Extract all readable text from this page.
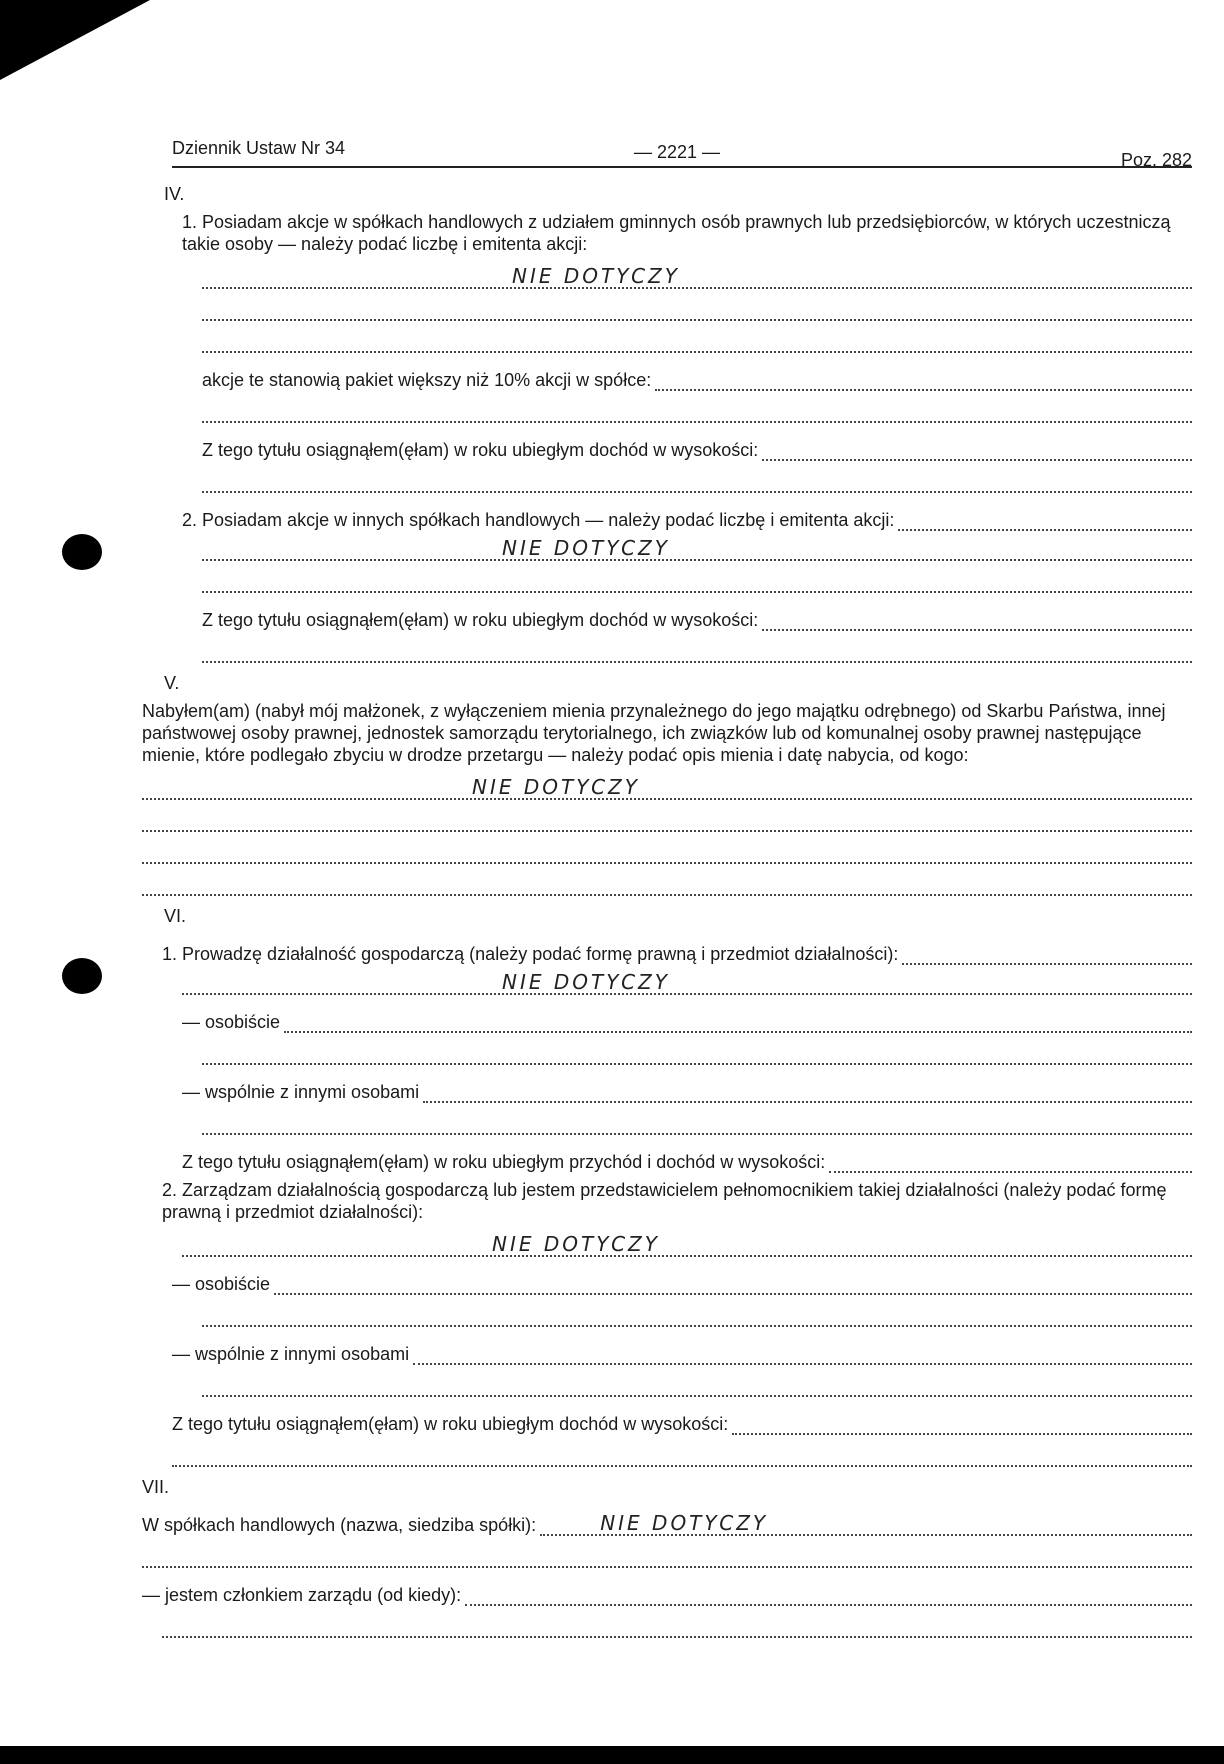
Dziennik Ustaw Nr 34	— 2221 —	Poz. 282
IV.
1. Posiadam akcje w spółkach handlowych z udziałem gminnych osób prawnych lub przedsiębiorców, w których uczestniczą takie osoby — należy podać liczbę i emitenta akcji:
NIE DOTYCZY
akcje te stanowią pakiet większy niż 10% akcji w spółce:
Z tego tytułu osiągnąłem(ęłam) w roku ubiegłym dochód w wysokości:
2. Posiadam akcje w innych spółkach handlowych — należy podać liczbę i emitenta akcji:
NIE DOTYCZY
Z tego tytułu osiągnąłem(ęłam) w roku ubiegłym dochód w wysokości:
V.
Nabyłem(am) (nabył mój małżonek, z wyłączeniem mienia przynależnego do jego majątku odrębnego) od Skarbu Państwa, innej państwowej osoby prawnej, jednostek samorządu terytorialnego, ich związków lub od komunalnej osoby prawnej następujące mienie, które podlegało zbyciu w drodze przetargu — należy podać opis mienia i datę nabycia, od kogo:
NIE DOTYCZY
VI.
1. Prowadzę działalność gospodarczą (należy podać formę prawną i przedmiot działalności):
NIE DOTYCZY
— osobiście
— wspólnie z innymi osobami
Z tego tytułu osiągnąłem(ęłam) w roku ubiegłym przychód i dochód w wysokości:
2. Zarządzam działalnością gospodarczą lub jestem przedstawicielem pełnomocnikiem takiej działalności (należy podać formę prawną i przedmiot działalności):
NIE DOTYCZY
— osobiście
— wspólnie z innymi osobami
Z tego tytułu osiągnąłem(ęłam) w roku ubiegłym dochód w wysokości:
VII.
W spółkach handlowych (nazwa, siedziba spółki):	NIE DOTYCZY
— jestem członkiem zarządu (od kiedy):
